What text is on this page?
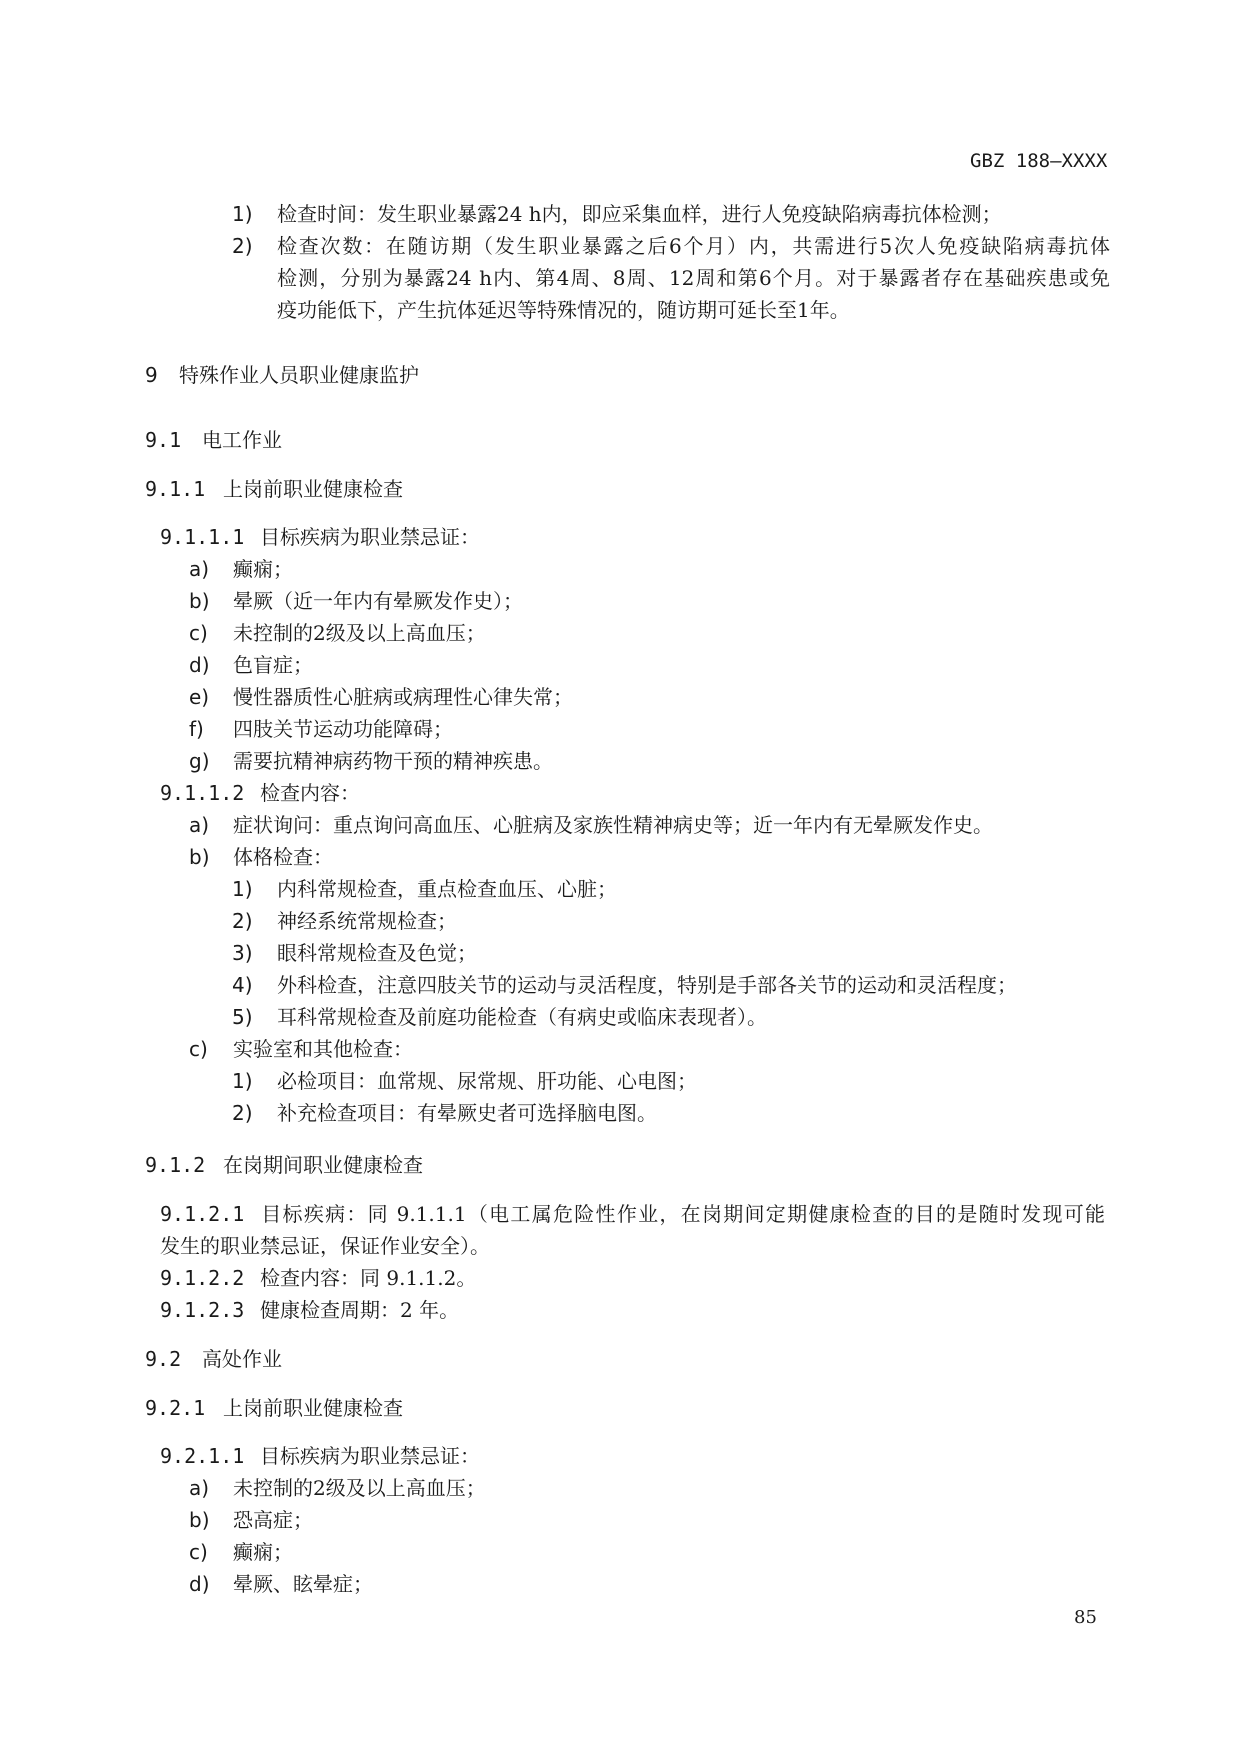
GBZ 188—XXXX
1) 检查时间：发生职业暴露24 h内，即应采集血样，进行人免疫缺陷病毒抗体检测；
2) 检查次数：在随访期（发生职业暴露之后6个月）内，共需进行5次人免疫缺陷病毒抗体
检测，分别为暴露24 h内、第4周、8周、12周和第6个月。对于暴露者存在基础疾患或免
疫功能低下，产生抗体延迟等特殊情况的，随访期可延长至1年。
9 特殊作业人员职业健康监护
9.1 电工作业
9.1.1 上岗前职业健康检查
9.1.1.1 目标疾病为职业禁忌证：
a) 癫痫；
b) 晕厥（近一年内有晕厥发作史）；
c) 未控制的2级及以上高血压；
d) 色盲症；
e) 慢性器质性心脏病或病理性心律失常；
f) 四肢关节运动功能障碍；
g) 需要抗精神病药物干预的精神疾患。
9.1.1.2 检查内容：
a) 症状询问：重点询问高血压、心脏病及家族性精神病史等；近一年内有无晕厥发作史。
b) 体格检查：
1) 内科常规检查，重点检查血压、心脏；
2) 神经系统常规检查；
3) 眼科常规检查及色觉；
4) 外科检查，注意四肢关节的运动与灵活程度，特别是手部各关节的运动和灵活程度；
5) 耳科常规检查及前庭功能检查（有病史或临床表现者）。
c) 实验室和其他检查：
1) 必检项目：血常规、尿常规、肝功能、心电图；
2) 补充检查项目：有晕厥史者可选择脑电图。
9.1.2 在岗期间职业健康检查
9.1.2.1 目标疾病：同 9.1.1.1（电工属危险性作业，在岗期间定期健康检查的目的是随时发现可能
发生的职业禁忌证，保证作业安全）。
9.1.2.2 检查内容：同 9.1.1.2。
9.1.2.3 健康检查周期：2 年。
9.2 高处作业
9.2.1 上岗前职业健康检查
9.2.1.1 目标疾病为职业禁忌证：
a) 未控制的2级及以上高血压；
b) 恐高症；
c) 癫痫；
d) 晕厥、眩晕症；
85
